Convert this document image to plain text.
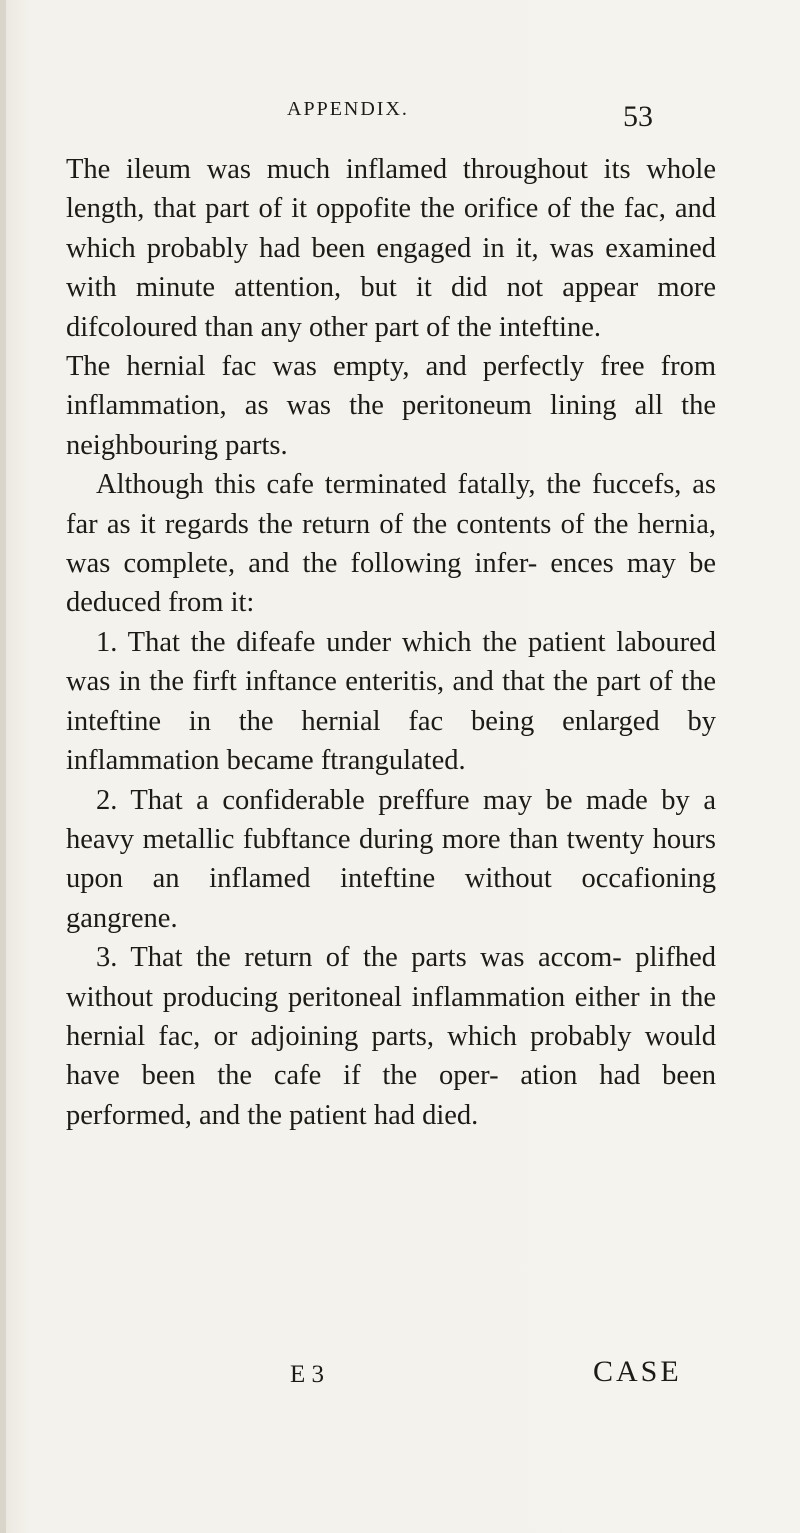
APPENDIX.	53

The ileum was much inflamed throughout its whole length, that part of it oppofite the orifice of the fac, and which probably had been engaged in it, was examined with minute attention, but it did not appear more difcoloured than any other part of the inteftine.

The hernial fac was empty, and perfectly free from inflammation, as was the peritoneum lining all the neighbouring parts.

Although this cafe terminated fatally, the fuccefs, as far as it regards the return of the contents of the hernia, was complete, and the following infer- ences may be deduced from it:

1. That the difeafe under which the patient laboured was in the firft inftance enteritis, and that the part of the inteftine in the hernial fac being enlarged by inflammation became ftrangulated.

2. That a confiderable preffure may be made by a heavy metallic fubftance during more than twenty hours upon an inflamed inteftine without occafioning gangrene.

3. That the return of the parts was accom- plifhed without producing peritoneal inflammation either in the hernial fac, or adjoining parts, which probably would have been the cafe if the oper- ation had been performed, and the patient had died.

E 3	CASE
